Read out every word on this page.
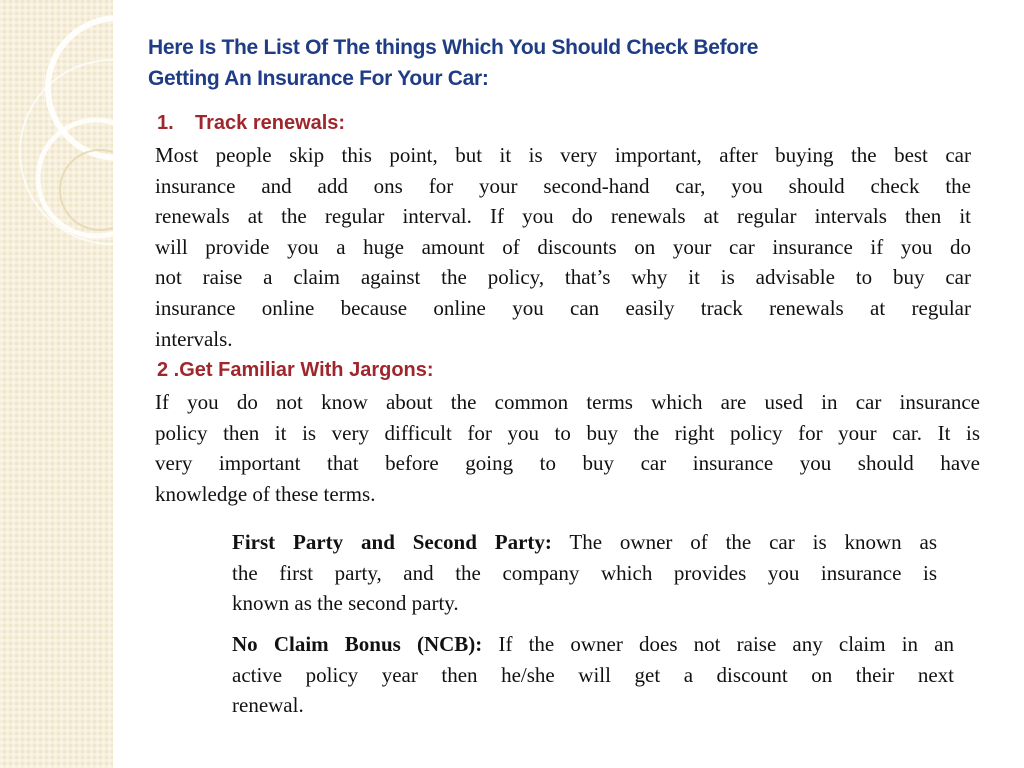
Here Is The List Of The things Which You Should Check Before
Getting An Insurance For Your Car:
1. Track renewals:
Most people skip this point, but it is very important, after buying the best car
insurance and add ons for your second-hand car, you should check the
renewals at the regular interval. If you do renewals at regular intervals then it
will provide you a huge amount of discounts on your car insurance if you do
not raise a claim against the policy, that’s why it is advisable to buy car
insurance online because online you can easily track renewals at regular
intervals.
2 .Get Familiar With Jargons:
If you do not know about the common terms which are used in car insurance
policy then it is very difficult for you to buy the right policy for your car. It is
very important that before going to buy car insurance you should have
knowledge of these terms.
First Party and Second Party: The owner of the car is known as
the first party, and the company which provides you insurance is
known as the second party.
No Claim Bonus (NCB): If the owner does not raise any claim in an
active policy year then he/she will get a discount on their next
renewal.
